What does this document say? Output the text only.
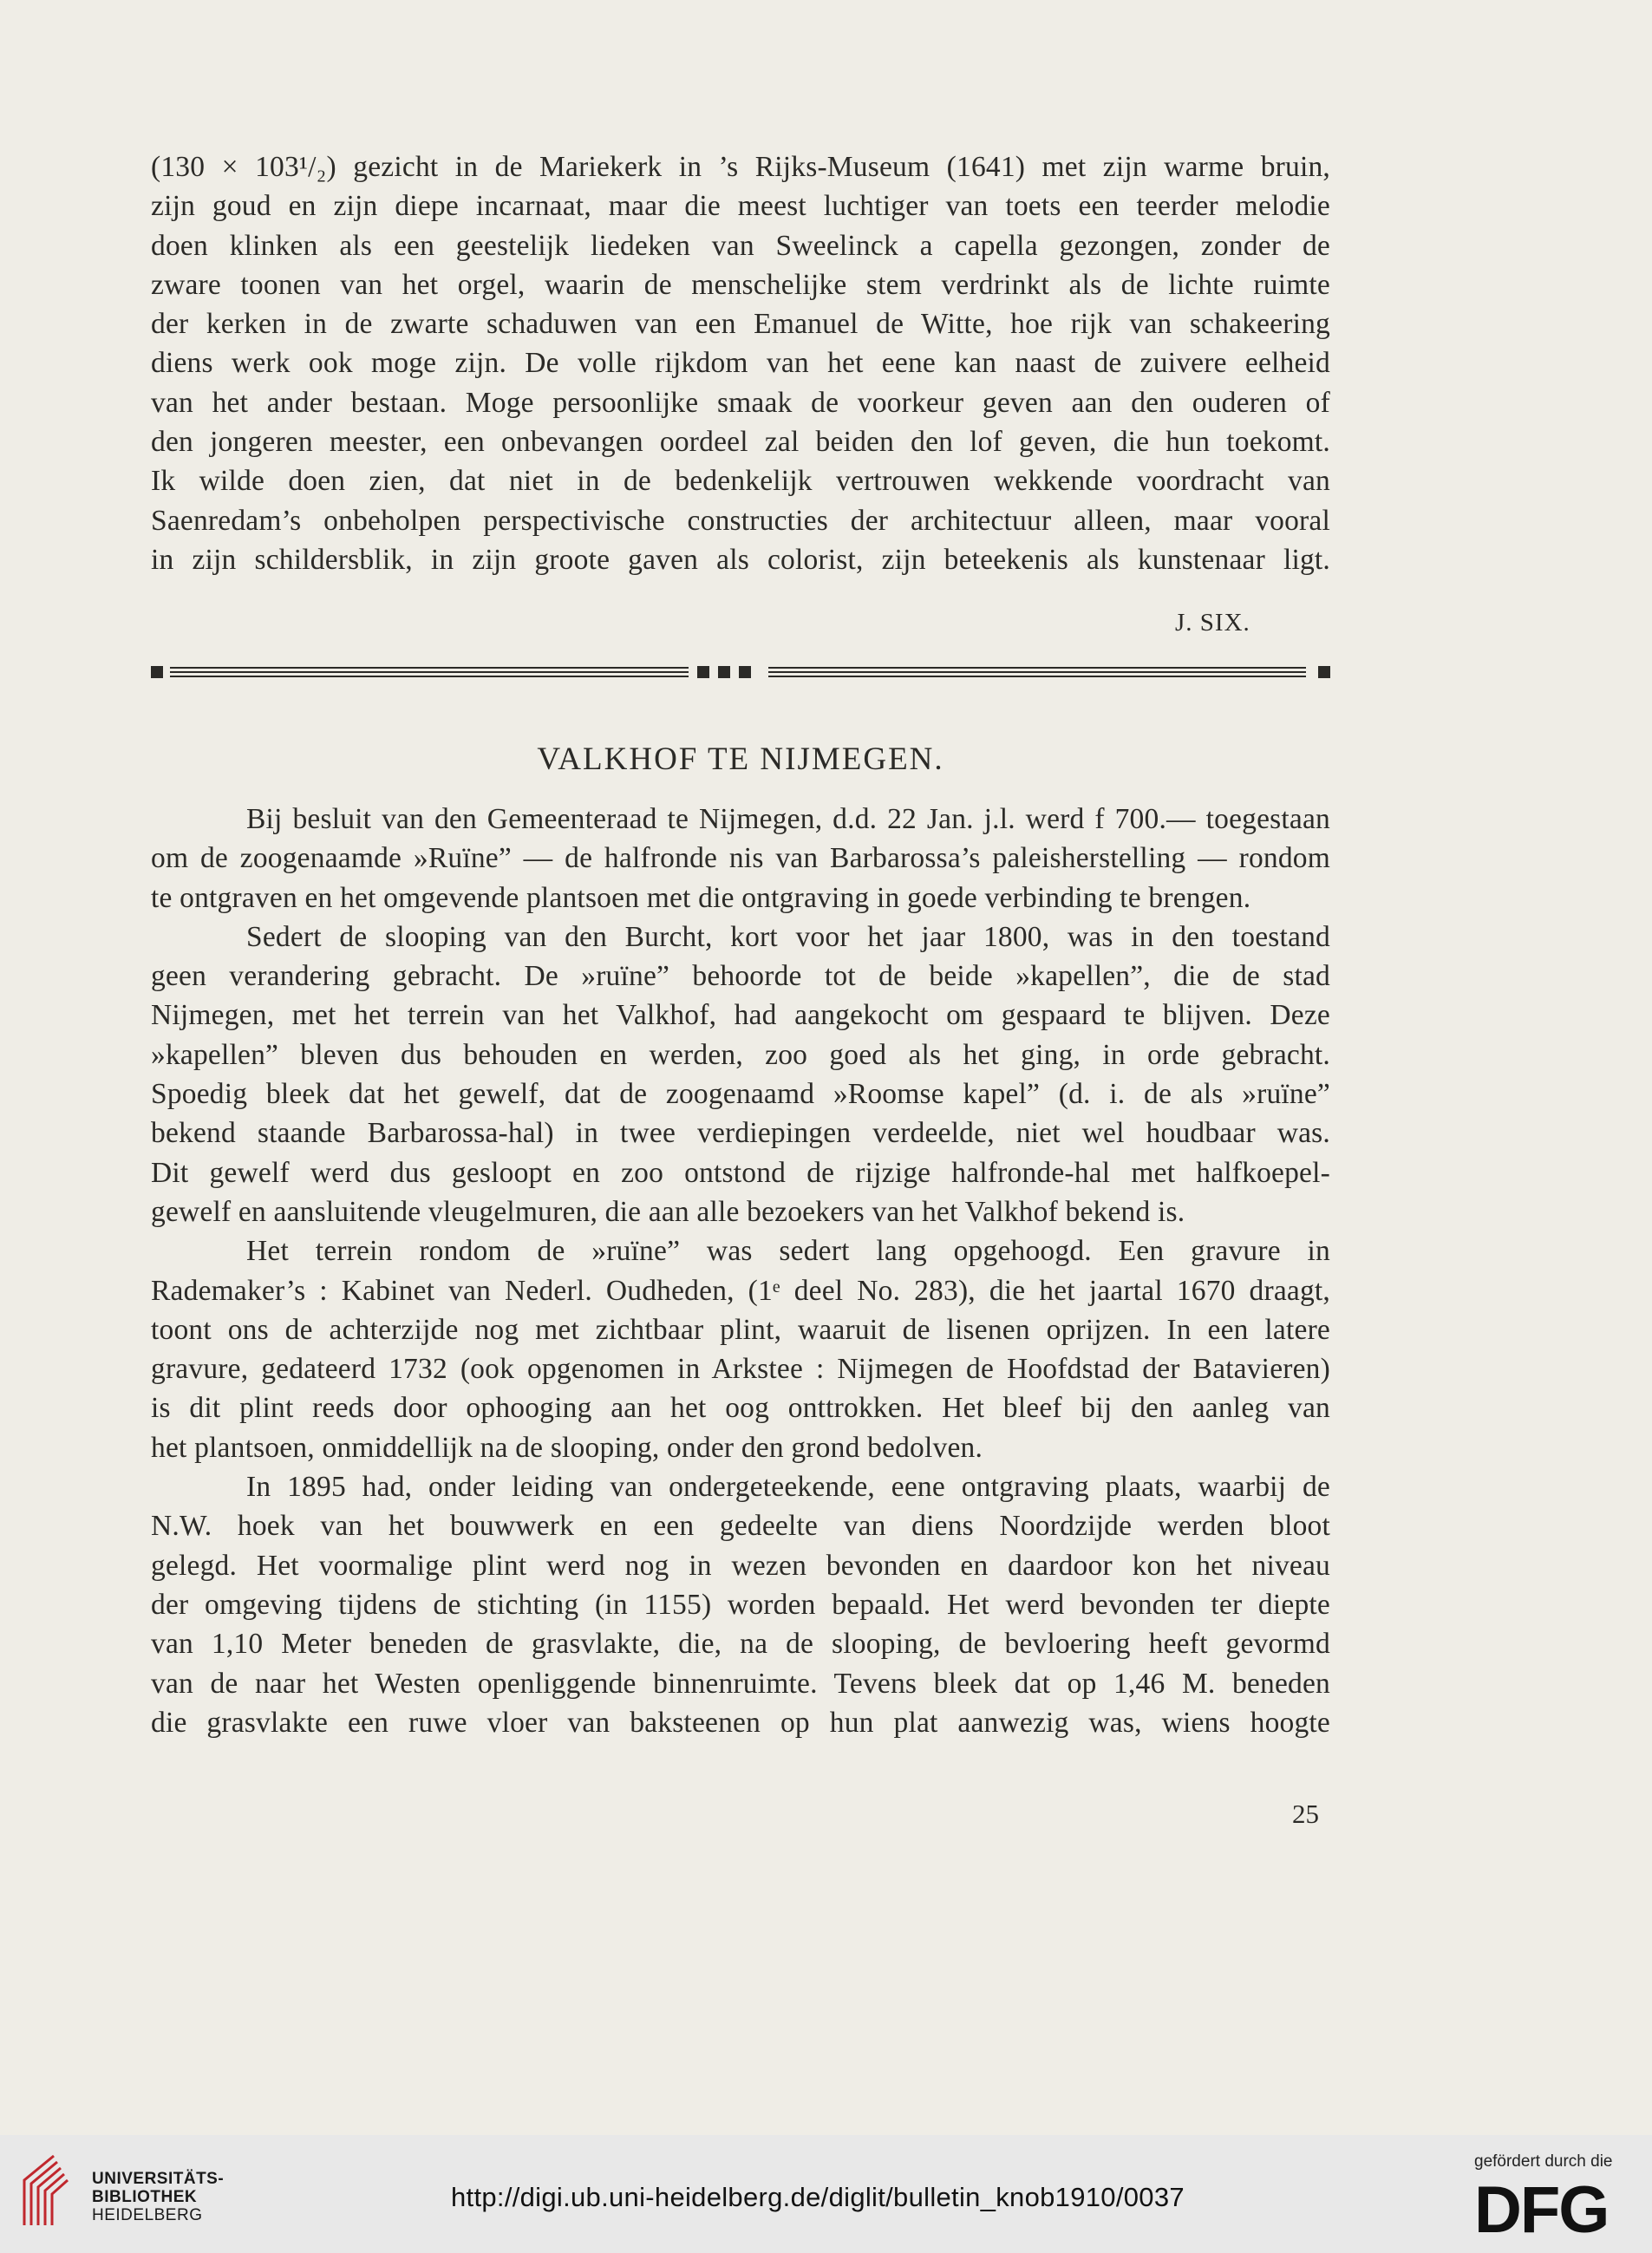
(130 × 103¹/₂) gezicht in de Mariekerk in ’s Rijks-Museum (1641) met zijn warme bruin,
zijn goud en zijn diepe incarnaat, maar die meest luchtiger van toets een teerder melodie
doen klinken als een geestelijk liedeken van Sweelinck a capella gezongen, zonder de
zware toonen van het orgel, waarin de menschelijke stem verdrinkt als de lichte ruimte
der kerken in de zwarte schaduwen van een Emanuel de Witte, hoe rijk van schakeering
diens werk ook moge zijn. De volle rijkdom van het eene kan naast de zuivere eelheid
van het ander bestaan. Moge persoonlijke smaak de voorkeur geven aan den ouderen of
den jongeren meester, een onbevangen oordeel zal beiden den lof geven, die hun toekomt.
Ik wilde doen zien, dat niet in de bedenkelijk vertrouwen wekkende voordracht van
Saenredam’s onbeholpen perspectivische constructies der architectuur alleen, maar vooral
in zijn schildersblik, in zijn groote gaven als colorist, zijn beteekenis als kunstenaar ligt.
J. SIX.
VALKHOF TE NIJMEGEN.
Bij besluit van den Gemeenteraad te Nijmegen, d.d. 22 Jan. j.l. werd f 700.— toegestaan
om de zoogenaamde »Ruïne” — de halfronde nis van Barbarossa’s paleisherstelling — rondom
te ontgraven en het omgevende plantsoen met die ontgraving in goede verbinding te brengen.
Sedert de slooping van den Burcht, kort voor het jaar 1800, was in den toestand
geen verandering gebracht. De »ruïne” behoorde tot de beide »kapellen”, die de stad
Nijmegen, met het terrein van het Valkhof, had aangekocht om gespaard te blijven. Deze
»kapellen” bleven dus behouden en werden, zoo goed als het ging, in orde gebracht.
Spoedig bleek dat het gewelf, dat de zoogenaamd »Roomse kapel” (d. i. de als »ruïne”
bekend staande Barbarossa-hal) in twee verdiepingen verdeelde, niet wel houdbaar was.
Dit gewelf werd dus gesloopt en zoo ontstond de rijzige halfronde-hal met halfkoepel-
gewelf en aansluitende vleugelmuren, die aan alle bezoekers van het Valkhof bekend is.
Het terrein rondom de »ruïne” was sedert lang opgehoogd. Een gravure in
Rademaker’s : Kabinet van Nederl. Oudheden, (1ᵉ deel No. 283), die het jaartal 1670 draagt,
toont ons de achterzijde nog met zichtbaar plint, waaruit de lisenen oprijzen. In een latere
gravure, gedateerd 1732 (ook opgenomen in Arkstee : Nijmegen de Hoofdstad der Batavieren)
is dit plint reeds door ophooging aan het oog onttrokken. Het bleef bij den aanleg van
het plantsoen, onmiddellijk na de slooping, onder den grond bedolven.
In 1895 had, onder leiding van ondergeteekende, eene ontgraving plaats, waarbij de
N.W. hoek van het bouwwerk en een gedeelte van diens Noordzijde werden bloot
gelegd. Het voormalige plint werd nog in wezen bevonden en daardoor kon het niveau
der omgeving tijdens de stichting (in 1155) worden bepaald. Het werd bevonden ter diepte
van 1,10 Meter beneden de grasvlakte, die, na de slooping, de bevloering heeft gevormd
van de naar het Westen openliggende binnenruimte. Tevens bleek dat op 1,46 M. beneden
die grasvlakte een ruwe vloer van baksteenen op hun plat aanwezig was, wiens hoogte
25
UNIVERSITÄTS-
BIBLIOTHEK
HEIDELBERG
http://digi.ub.uni-heidelberg.de/diglit/bulletin_knob1910/0037
gefördert durch die
DFG
